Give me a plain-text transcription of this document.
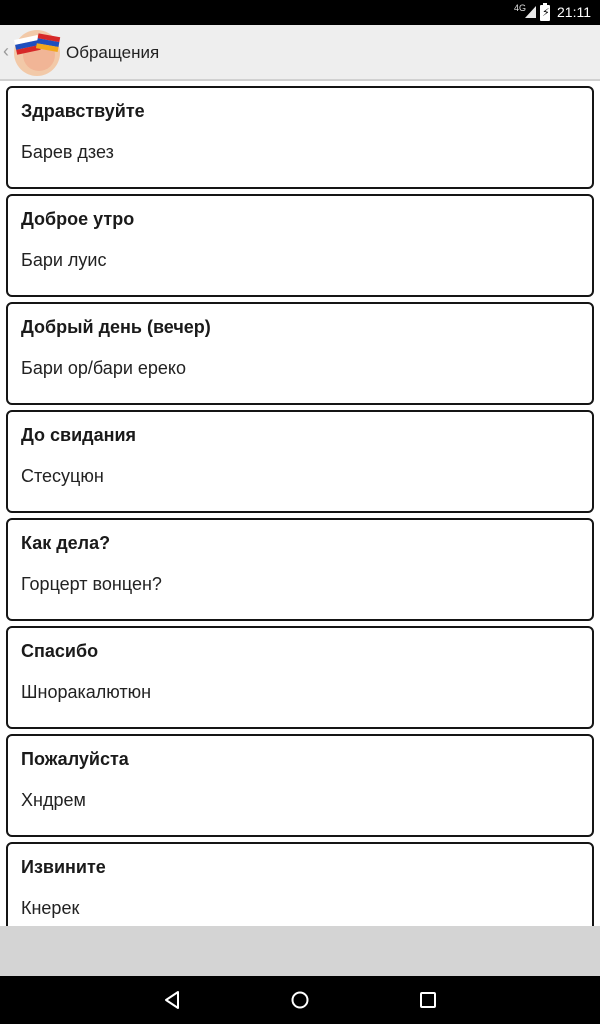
4G ⚡ 21:11
‹	Обращения
Здравствуйте
Барев дзез
Доброе утро
Бари луис
Добрый день (вечер)
Бари ор/бари ереко
До свидания
Стесуцюн
Как дела?
Горцерт вонцен?
Спасибо
Шноракалютюн
Пожалуйста
Хндрем
Извините
Кнерек
